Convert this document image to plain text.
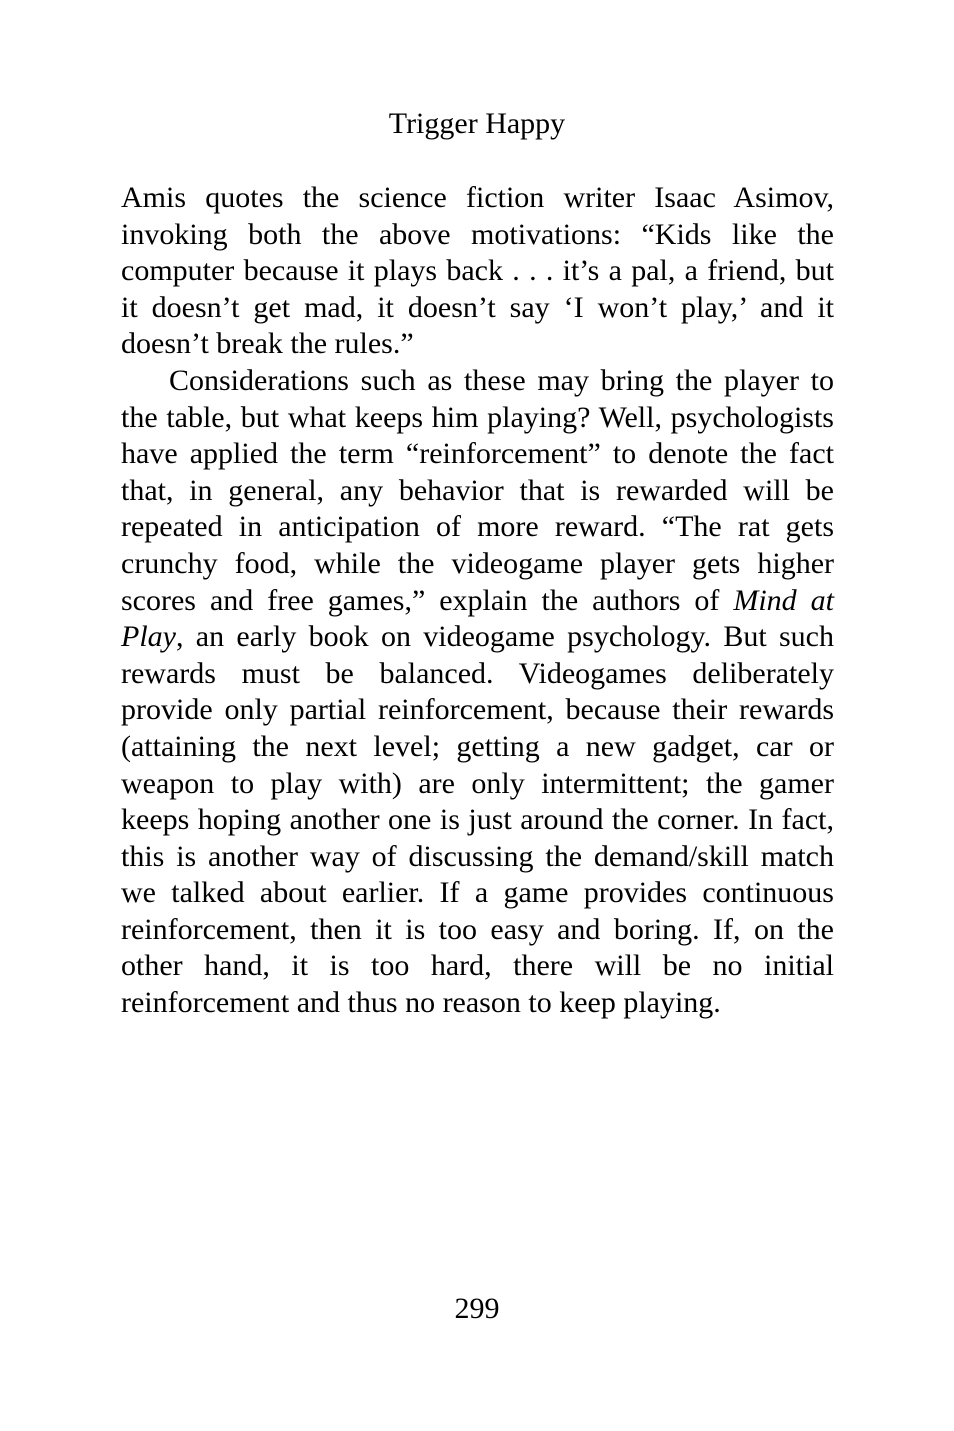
Trigger Happy

Amis quotes the science fiction writer Isaac Asimov, invoking both the above motivations: “Kids like the computer because it plays back . . . it’s a pal, a friend, but it doesn’t get mad, it doesn’t say ‘I won’t play,’ and it doesn’t break the rules.”

Considerations such as these may bring the player to the table, but what keeps him playing? Well, psychologists have applied the term “reinforcement” to denote the fact that, in general, any behavior that is rewarded will be repeated in anticipation of more reward. “The rat gets crunchy food, while the videogame player gets higher scores and free games,” explain the authors of Mind at Play, an early book on videogame psychology. But such rewards must be balanced. Videogames deliberately provide only partial reinforcement, because their rewards (attaining the next level; getting a new gadget, car or weapon to play with) are only intermittent; the gamer keeps hoping another one is just around the corner. In fact, this is another way of discussing the demand/skill match we talked about earlier. If a game provides continuous reinforcement, then it is too easy and boring. If, on the other hand, it is too hard, there will be no initial reinforcement and thus no reason to keep playing.

299
